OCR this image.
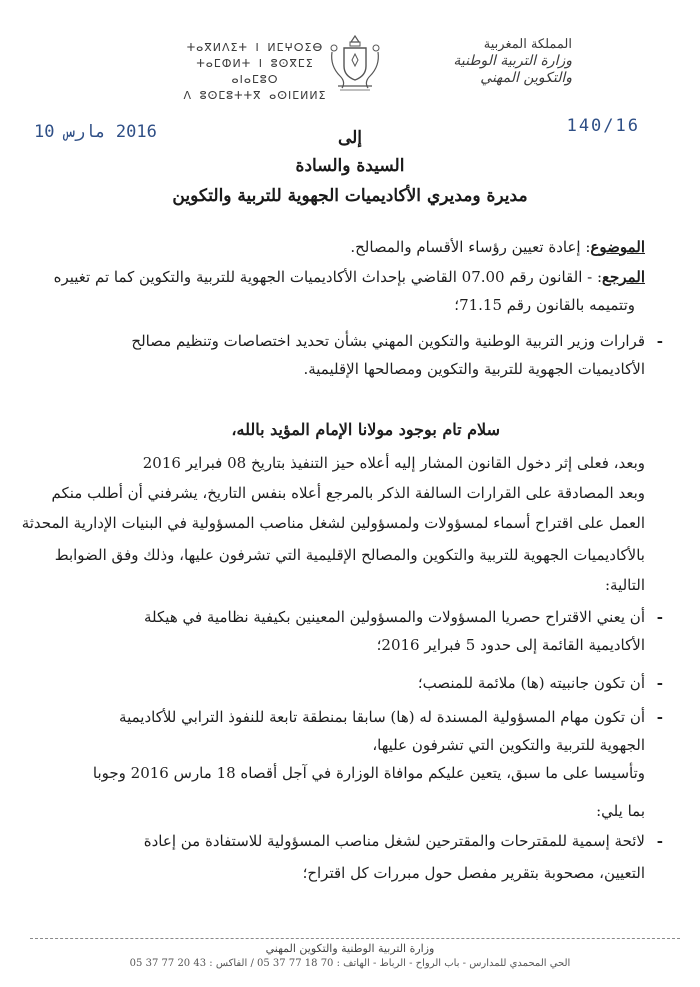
المملكة المغربية
وزارة التربية الوطنية
والتكوين المهني
ⵜⴰⴳⵍⴷⵉⵜ ⵏ ⵍⵎⵖⵔⵉⴱ
ⵜⴰⵎⵀⵍⵜ ⵏ ⵓⵙⴳⵎⵉ ⴰⵏⴰⵎⵓⵔ
ⴷ ⵓⵙⵎⵓⵜⵜⴳ ⴰⵙⵏⵎⵍⵍⵉ
140/16
2016 مارس 10	إلى
السيدة والسادة
مديرة ومديري الأكاديميات الجهوية للتربية والتكوين
الموضوع: إعادة تعيين رؤساء الأقسام والمصالح.
المرجع: - القانون رقم 07.00 القاضي بإحداث الأكاديميات الجهوية للتربية والتكوين كما تم تغييره
وتتميمه بالقانون رقم 71.15؛
-
قرارات وزير التربية الوطنية والتكوين المهني بشأن تحديد اختصاصات وتنظيم مصالح
الأكاديميات الجهوية للتربية والتكوين ومصالحها الإقليمية.
سلام تام بوجود مولانا الإمام المؤيد بالله،
وبعد، فعلى إثر دخول القانون المشار إليه أعلاه حيز التنفيذ بتاريخ 08 فبراير 2016
وبعد المصادقة على القرارات السالفة الذكر بالمرجع أعلاه بنفس التاريخ، يشرفني أن أطلب منكم
العمل على اقتراح أسماء لمسؤولات ولمسؤولين لشغل مناصب المسؤولية في البنيات الإدارية المحدثة
بالأكاديميات الجهوية للتربية والتكوين والمصالح الإقليمية التي تشرفون عليها، وذلك وفق الضوابط
التالية:
-
أن يعني الاقتراح حصريا المسؤولات والمسؤولين المعينين بكيفية نظامية في هيكلة
الأكاديمية القائمة إلى حدود 5 فبراير 2016؛
-
أن تكون جانبيته (ها) ملائمة للمنصب؛
-
أن تكون مهام المسؤولية المسندة له (ها) سابقا بمنطقة تابعة للنفوذ الترابي للأكاديمية
الجهوية للتربية والتكوين التي تشرفون عليها،
وتأسيسا على ما سبق، يتعين عليكم موافاة الوزارة في آجل أقصاه 18 مارس 2016 وجوبا
بما يلي:
-
لائحة إسمية للمقترحات والمقترحين لشغل مناصب المسؤولية للاستفادة من إعادة
التعيين، مصحوبة بتقرير مفصل حول مبررات كل اقتراح؛
وزارة التربية الوطنية والتكوين المهني
الحي المحمدي للمدارس - باب الرواح - الرباط - الهاتف : 70 18 77 37 05 / الفاكس : 43 20 77 37 05
